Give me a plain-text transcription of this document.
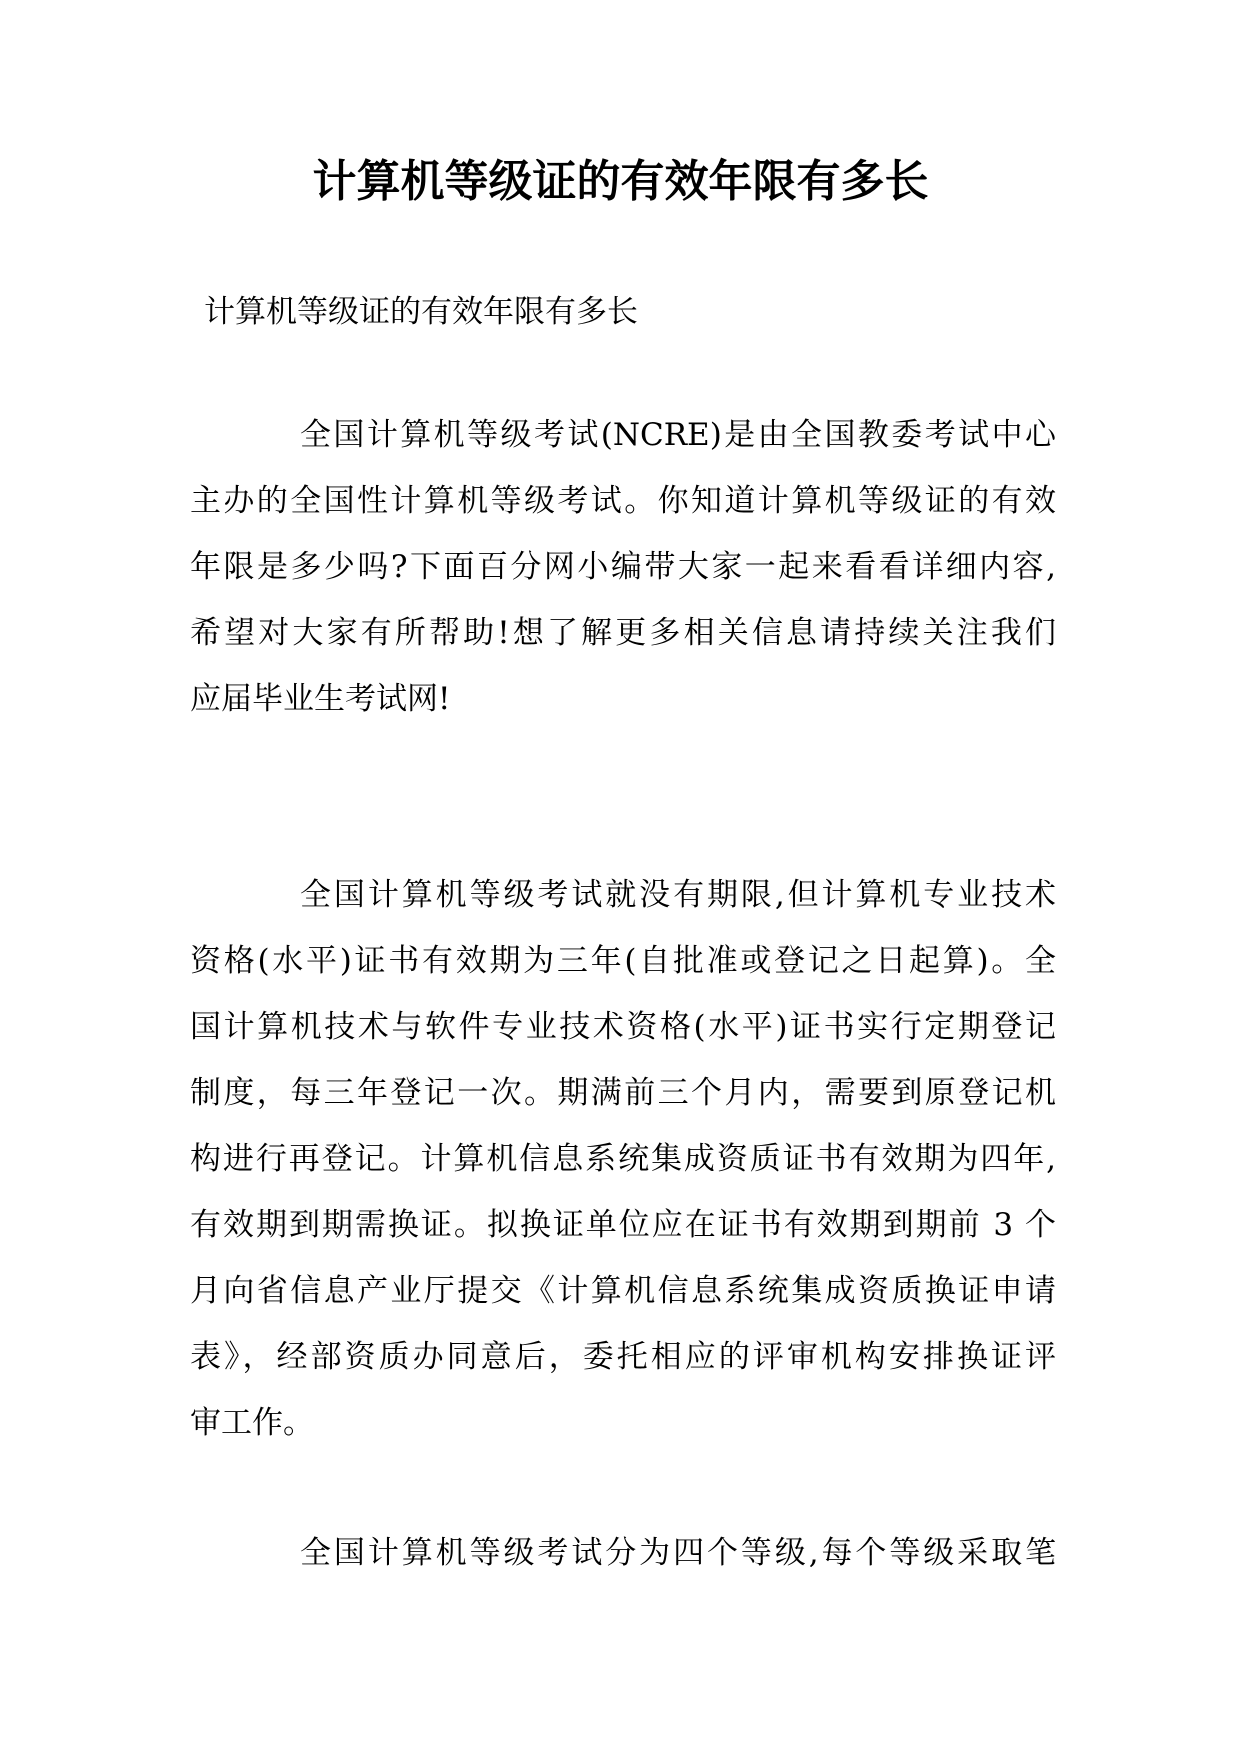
计算机等级证的有效年限有多长

计算机等级证的有效年限有多长

全国计算机等级考试(NCRE)是由全国教委考试中心
主办的全国性计算机等级考试。你知道计算机等级证的有效
年限是多少吗?下面百分网小编带大家一起来看看详细内容,
希望对大家有所帮助!想了解更多相关信息请持续关注我们
应届毕业生考试网!
全国计算机等级考试就没有期限,但计算机专业技术
资格(水平)证书有效期为三年(自批准或登记之日起算)。全
国计算机技术与软件专业技术资格(水平)证书实行定期登记
制度，每三年登记一次。期满前三个月内，需要到原登记机
构进行再登记。计算机信息系统集成资质证书有效期为四年,
有效期到期需换证。拟换证单位应在证书有效期到期前 3 个
月向省信息产业厅提交《计算机信息系统集成资质换证申请
表》，经部资质办同意后，委托相应的评审机构安排换证评
审工作。
全国计算机等级考试分为四个等级,每个等级采取笔
